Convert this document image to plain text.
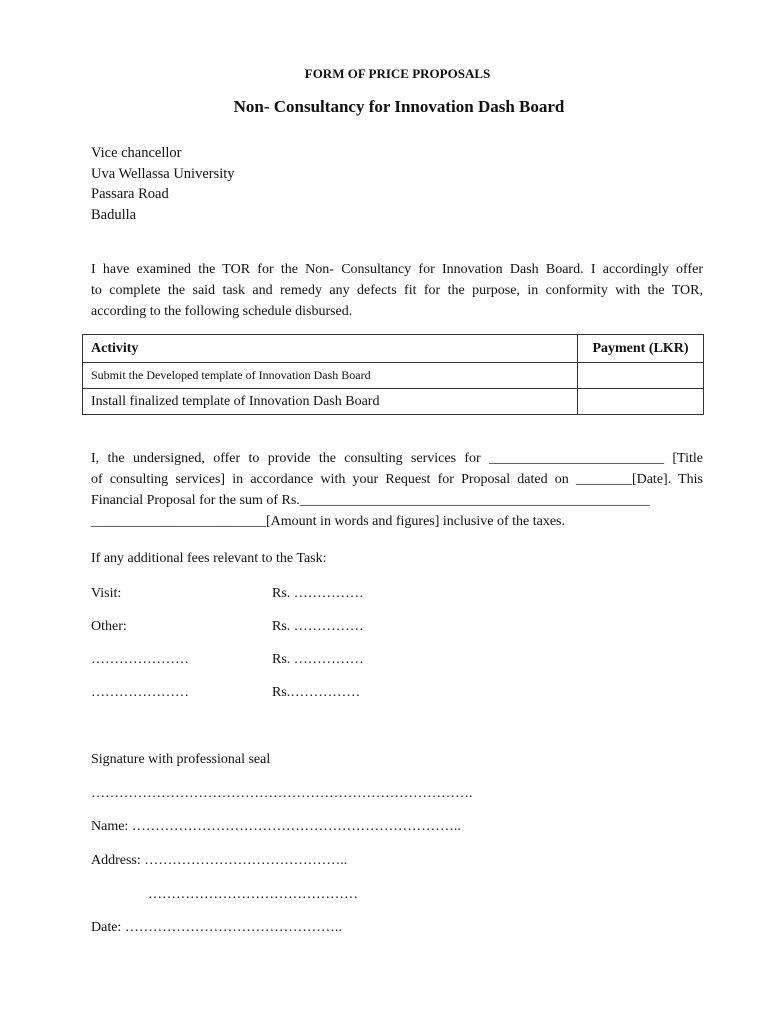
FORM OF PRICE PROPOSALS
Non- Consultancy for Innovation Dash Board
Vice chancellor
Uva Wellassa University
Passara Road
Badulla
I have examined the TOR for the Non- Consultancy for Innovation Dash Board. I accordingly offer
to complete the said task and remedy any defects fit for the purpose, in conformity with the TOR,
according to the following schedule disbursed.
Activity	Payment (LKR)
Submit the Developed template of Innovation Dash Board	
Install finalized template of Innovation Dash Board	
I, the undersigned, offer to provide the consulting services for _________________________ [Title
of consulting services] in accordance with your Request for Proposal dated on ________[Date]. This
Financial Proposal for the sum of Rs.__________________________________________________
_________________________[Amount in words and figures] inclusive of the taxes.
If any additional fees relevant to the Task:
Visit:	Rs. ……………
Other:	Rs. ……………
…………………	Rs. ……………
…………………	Rs.……………
Signature with professional seal
……………………………………………………………………….
Name: ……………………………………………………………..
Address: ……………………………………..
………………………………………
Date: ………………………………………..
